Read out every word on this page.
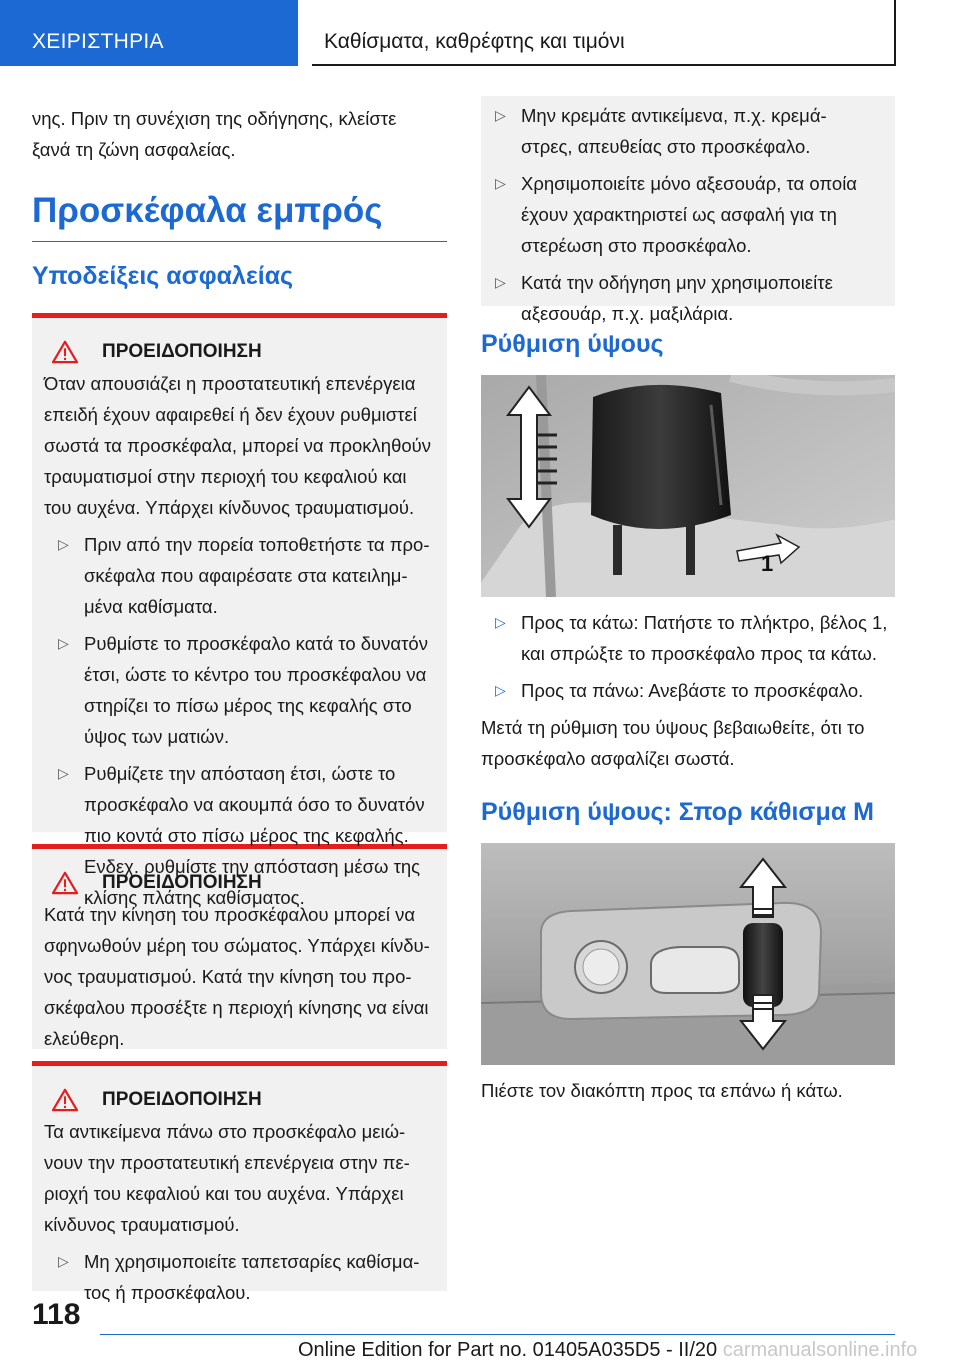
ΧΕΙΡΙΣΤΗΡΙΑ	Καθίσματα, καθρέφτης και τιμόνι

νης. Πριν τη συνέχιση της οδήγησης, κλείστε

ξανά τη ζώνη ασφαλείας.

Προσκέφαλα εμπρός
Υποδείξεις ασφαλείας
ΠΡΟΕΙΔΟΠΟΙΗΣΗ

Όταν απουσιάζει η προστατευτική επενέργεια

επειδή έχουν αφαιρεθεί ή δεν έχουν ρυθμιστεί

σωστά τα προσκέφαλα, μπορεί να προκληθούν

τραυματισμοί στην περιοχή του κεφαλιού και

του αυχένα. Υπάρχει κίνδυνος τραυματισμού.

▷ Πριν από την πορεία τοποθετήστε τα προ-
σκέφαλα που αφαιρέσατε στα κατειλημ-
μένα καθίσματα.
▷ Ρυθμίστε το προσκέφαλο κατά το δυνατόν
έτσι, ώστε το κέντρο του προσκέφαλου να
στηρίζει το πίσω μέρος της κεφαλής στο
ύψος των ματιών.
▷ Ρυθμίζετε την απόσταση έτσι, ώστε το
προσκέφαλο να ακουμπά όσο το δυνατόν
πιο κοντά στο πίσω μέρος της κεφαλής.
Ενδεχ. ρυθμίστε την απόσταση μέσω της
κλίσης πλάτης καθίσματος.
ΠΡΟΕΙΔΟΠΟΙΗΣΗ

Κατά την κίνηση του προσκέφαλου μπορεί να

σφηνωθούν μέρη του σώματος. Υπάρχει κίνδυ-

νος τραυματισμού. Κατά την κίνηση του προ-

σκέφαλου προσέξτε η περιοχή κίνησης να είναι

ελεύθερη.

ΠΡΟΕΙΔΟΠΟΙΗΣΗ

Τα αντικείμενα πάνω στο προσκέφαλο μειώ-

νουν την προστατευτική επενέργεια στην πε-

ριοχή του κεφαλιού και του αυχένα. Υπάρχει

κίνδυνος τραυματισμού.

▷ Μη χρησιμοποιείτε ταπετσαρίες καθίσμα-
τος ή προσκέφαλου.
▷ Μην κρεμάτε αντικείμενα, π.χ. κρεμά-
στρες, απευθείας στο προσκέφαλο.
▷ Χρησιμοποιείτε μόνο αξεσουάρ, τα οποία
έχουν χαρακτηριστεί ως ασφαλή για τη
στερέωση στο προσκέφαλο.
▷ Κατά την οδήγηση μην χρησιμοποιείτε
αξεσουάρ, π.χ. μαξιλάρια.
Ρύθμιση ύψους
1
▷ Προς τα κάτω: Πατήστε το πλήκτρο, βέλος 1,
και σπρώξτε το προσκέφαλο προς τα κάτω.
▷ Προς τα πάνω: Ανεβάστε το προσκέφαλο.

Μετά τη ρύθμιση του ύψους βεβαιωθείτε, ότι το

προσκέφαλο ασφαλίζει σωστά.

Ρύθμιση ύψους: Σπορ κάθισμα M

Πιέστε τον διακόπτη προς τα επάνω ή κάτω.

118
Online Edition for Part no. 01405A035D5 - II/20 carmanualsonline.info
